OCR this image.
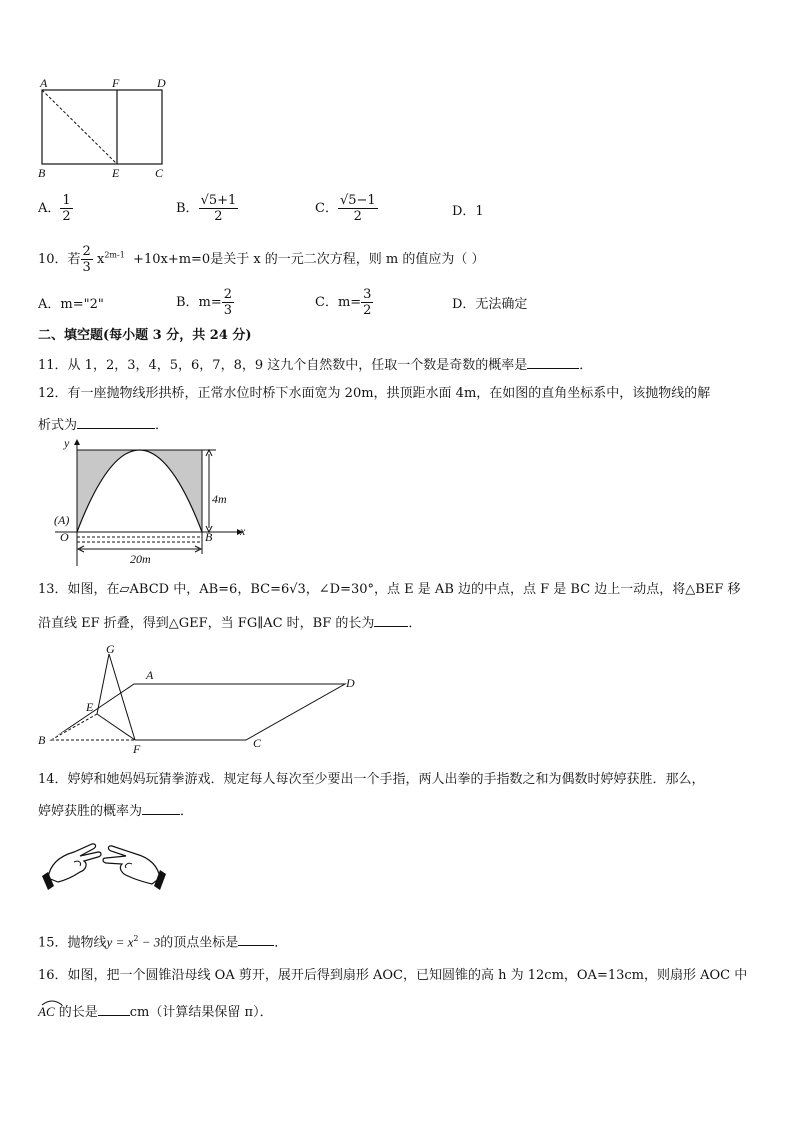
A	F	D
B	E	C
A． $\frac{1}{2}$	B． $\frac{√5+1}{2}$	C． $\frac{√5-1}{2}$	D．1
10．若 $\frac{2}{3} x^{2m-1} +10x+m=0$是关于 x 的一元二次方程，则 m 的值应为（ ）
A．m="2"	B．$m= \frac{2}{3}$	C．$m= \frac{3}{2}$	D．无法确定
二、填空题(每小题 3 分，共 24 分)
11．从 1，2，3，4，5，6，7，8，9 这九个自然数中，任取一个数是奇数的概率是	．
12．有一座抛物线形拱桥，正常水位时桥下水面宽为 20m，拱顶距水面 4m，在如图的直角坐标系中，该抛物线的解
析式为	．
y
x
4m
(A)
O	B
20m
13．如图，在▱ABCD 中，AB=6，BC=6√3，∠D=30°，点 E 是 AB 边的中点，点 F 是 BC 边上一动点，将△BEF 移
沿直线 EF 折叠，得到△GEF，当 FG∥AC 时，BF 的长为	．
G
A
D
E
B
F	C
14．婷婷和她妈妈玩猜拳游戏．规定每人每次至少要出一个手指，两人出拳的手指数之和为偶数时婷婷获胜．那么，
婷婷获胜的概率为	．
15．抛物线$y = x^2 - 3$的顶点坐标是	．
16．如图，把一个圆锥沿母线 OA 剪开，展开后得到扇形 AOC，已知圆锥的高 h 为 12cm，OA=13cm，则扇形 AOC 中
AC 的长是 cm（计算结果保留 π）．
